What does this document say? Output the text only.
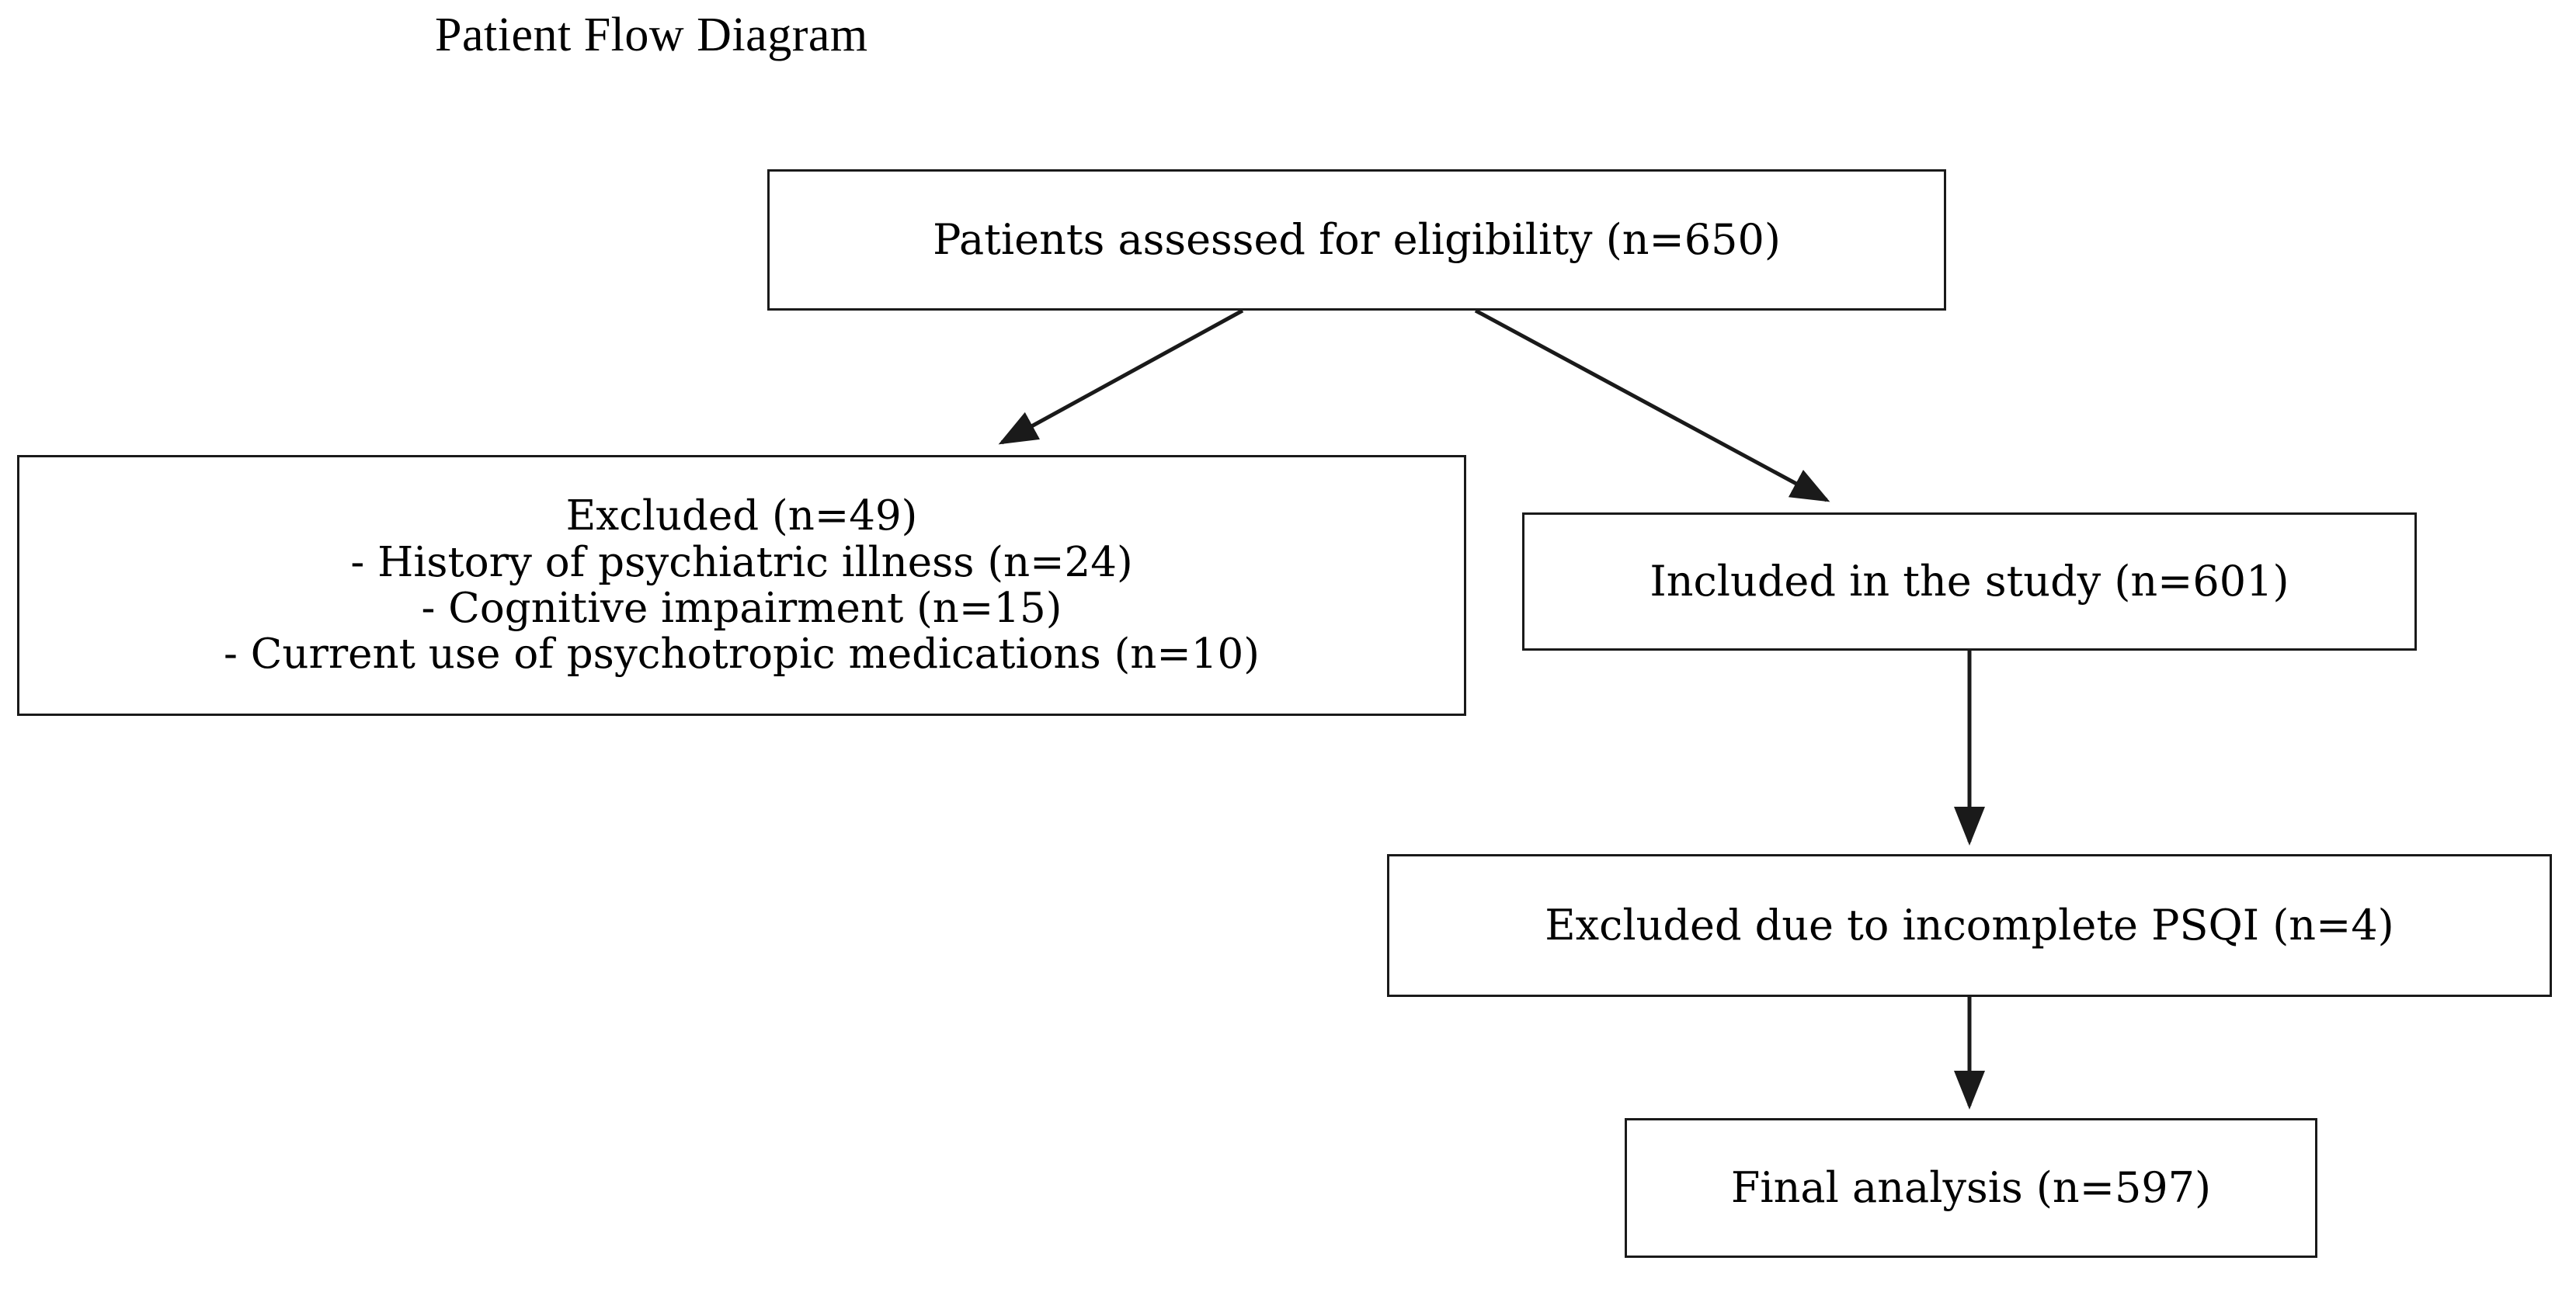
Patient Flow Diagram
Patients assessed for eligibility (n=650)
Excluded (n=49)
- History of psychiatric illness (n=24)
- Cognitive impairment (n=15)
- Current use of psychotropic medications (n=10)
Included in the study (n=601)
Excluded due to incomplete PSQI (n=4)
Final analysis (n=597)
